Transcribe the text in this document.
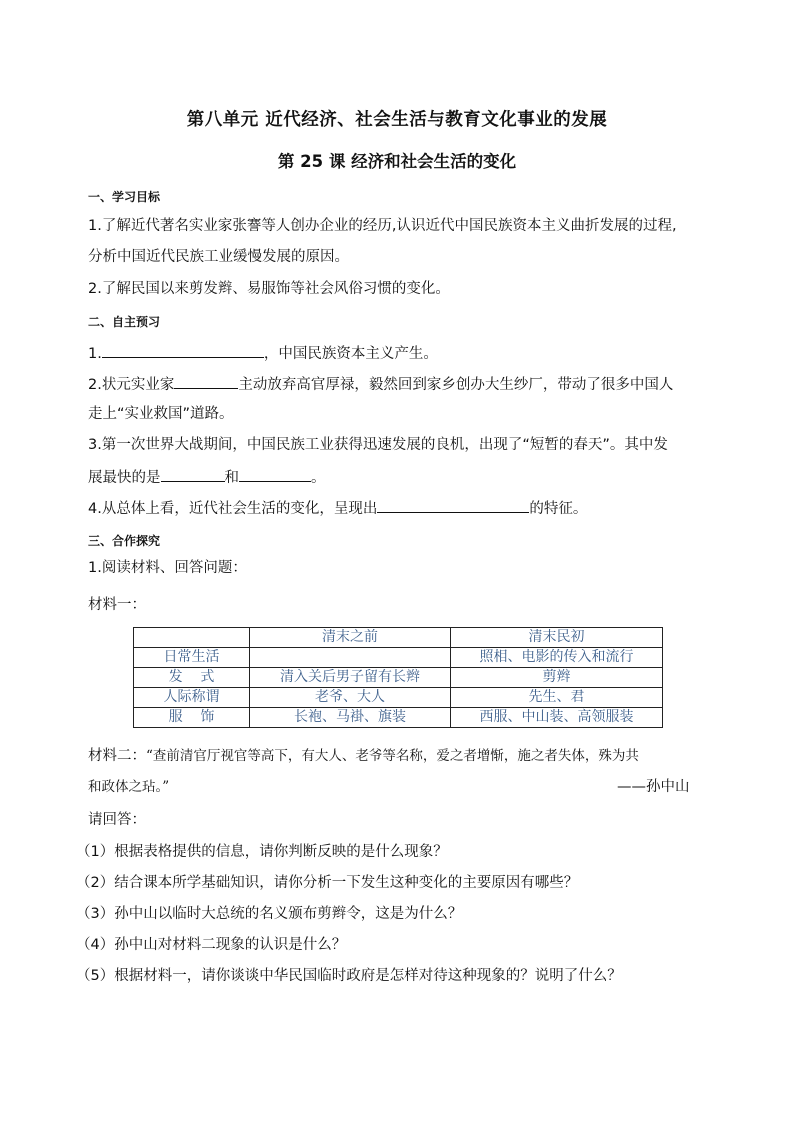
第八单元 近代经济、社会生活与教育文化事业的发展
第 25 课 经济和社会生活的变化
一、学习目标
1.了解近代著名实业家张謇等人创办企业的经历,认识近代中国民族资本主义曲折发展的过程,
分析中国近代民族工业缓慢发展的原因。
2.了解民国以来剪发辫、易服饰等社会风俗习惯的变化。
二、自主预习
1.	，中国民族资本主义产生。
2.状元实业家	主动放弃高官厚禄，毅然回到家乡创办大生纱厂，带动了很多中国人
走上“实业救国”道路。
3.第一次世界大战期间，中国民族工业获得迅速发展的良机，出现了“短暂的春天”。其中发
展最快的是	和	。
4.从总体上看，近代社会生活的变化，呈现出	的特征。
三、合作探究
1.阅读材料、回答问题：
材料一：
	清末之前	清末民初
日常生活		照相、电影的传入和流行
发    式	清入关后男子留有长辫	剪辫
人际称谓	老爷、大人	先生、君
服    饰	长袍、马褂、旗装	西服、中山装、高领服装
材料二：“查前清官厅视官等高下，有大人、老爷等名称，爱之者增惭，施之者失体，殊为共
和政体之玷。”	——孙中山
请回答：
（1）根据表格提供的信息，请你判断反映的是什么现象？
（2）结合课本所学基础知识，请你分析一下发生这种变化的主要原因有哪些？
（3）孙中山以临时大总统的名义颁布剪辫令，这是为什么？
（4）孙中山对材料二现象的认识是什么？
（5）根据材料一，请你谈谈中华民国临时政府是怎样对待这种现象的？说明了什么？
